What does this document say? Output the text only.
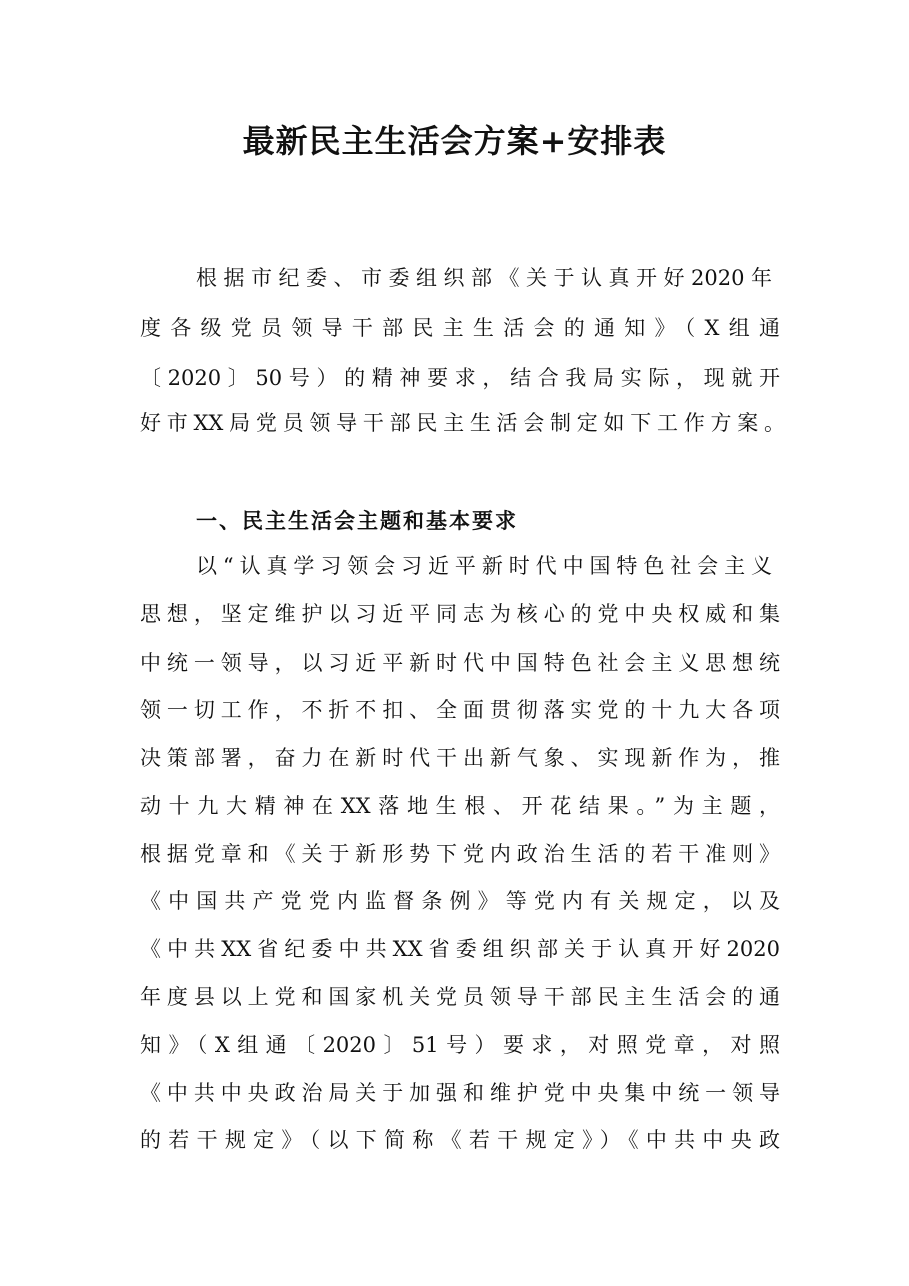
最新民主生活会方案+安排表

根据市纪委、市委组织部《关于认真开好2020年

度各级党员领导干部民主生活会的通知》（X组通

〔2020〕50号）的精神要求，结合我局实际，现就开

好市XX局党员领导干部民主生活会制定如下工作方案。

一、民主生活会主题和基本要求

以“认真学习领会习近平新时代中国特色社会主义

思想，坚定维护以习近平同志为核心的党中央权威和集

中统一领导，以习近平新时代中国特色社会主义思想统

领一切工作，不折不扣、全面贯彻落实党的十九大各项

决策部署，奋力在新时代干出新气象、实现新作为，推

动十九大精神在XX落地生根、开花结果。”为主题，

根据党章和《关于新形势下党内政治生活的若干准则》

《中国共产党党内监督条例》等党内有关规定，以及

《中共XX省纪委中共XX省委组织部关于认真开好2020

年度县以上党和国家机关党员领导干部民主生活会的通

知》（X组通〔2020〕51号）要求，对照党章，对照

《中共中央政治局关于加强和维护党中央集中统一领导

的若干规定》（以下简称《若干规定》）《中共中央政
